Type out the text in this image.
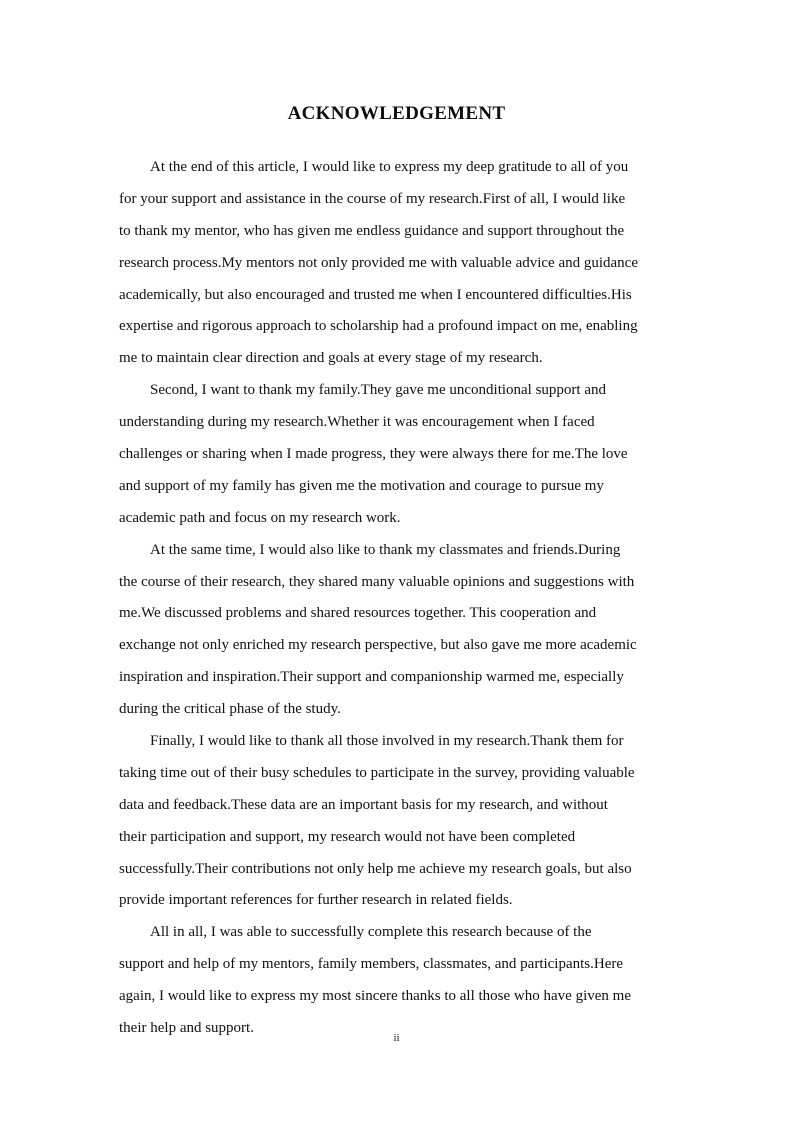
ACKNOWLEDGEMENT

At the end of this article, I would like to express my deep gratitude to all of you
for your support and assistance in the course of my research.First of all, I would like
to thank my mentor, who has given me endless guidance and support throughout the
research process.My mentors not only provided me with valuable advice and guidance
academically, but also encouraged and trusted me when I encountered difficulties.His
expertise and rigorous approach to scholarship had a profound impact on me, enabling
me to maintain clear direction and goals at every stage of my research.

Second, I want to thank my family.They gave me unconditional support and
understanding during my research.Whether it was encouragement when I faced
challenges or sharing when I made progress, they were always there for me.The love
and support of my family has given me the motivation and courage to pursue my
academic path and focus on my research work.

At the same time, I would also like to thank my classmates and friends.During
the course of their research, they shared many valuable opinions and suggestions with
me.We discussed problems and shared resources together. This cooperation and
exchange not only enriched my research perspective, but also gave me more academic
inspiration and inspiration.Their support and companionship warmed me, especially
during the critical phase of the study.

Finally, I would like to thank all those involved in my research.Thank them for
taking time out of their busy schedules to participate in the survey, providing valuable
data and feedback.These data are an important basis for my research, and without
their participation and support, my research would not have been completed
successfully.Their contributions not only help me achieve my research goals, but also
provide important references for further research in related fields.

All in all, I was able to successfully complete this research because of the
support and help of my mentors, family members, classmates, and participants.Here
again, I would like to express my most sincere thanks to all those who have given me
their help and support.

ii
